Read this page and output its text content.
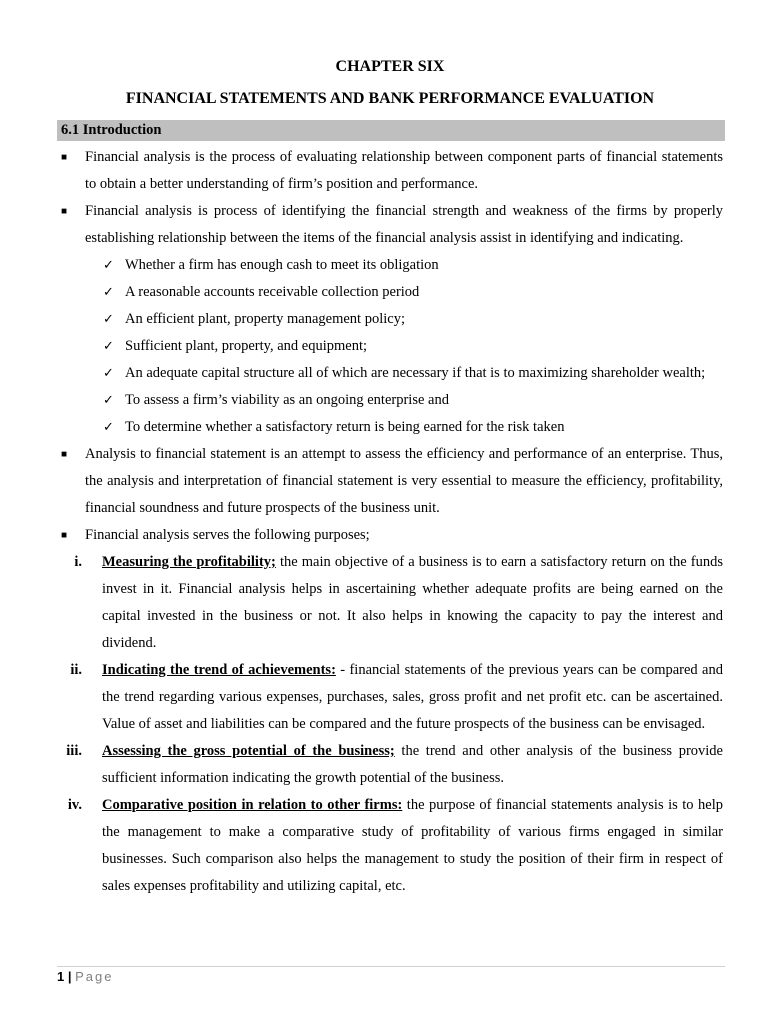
CHAPTER SIX
FINANCIAL STATEMENTS AND BANK PERFORMANCE EVALUATION
6.1 Introduction
■ Financial analysis is the process of evaluating relationship between component parts of financial statements to obtain a better understanding of firm’s position and performance.
■ Financial analysis is process of identifying the financial strength and weakness of the firms by properly establishing relationship between the items of the financial analysis assist in identifying and indicating.
✓ Whether a firm has enough cash to meet its obligation
✓ A reasonable accounts receivable collection period
✓ An efficient plant, property management policy;
✓ Sufficient plant, property, and equipment;
✓ An adequate capital structure all of which are necessary if that is to maximizing shareholder wealth;
✓ To assess a firm’s viability as an ongoing enterprise and
✓ To determine whether a satisfactory return is being earned for the risk taken
■ Analysis to financial statement is an attempt to assess the efficiency and performance of an enterprise. Thus, the analysis and interpretation of financial statement is very essential to measure the efficiency, profitability, financial soundness and future prospects of the business unit.
■ Financial analysis serves the following purposes;
i. Measuring the profitability; the main objective of a business is to earn a satisfactory return on the funds invest in it. Financial analysis helps in ascertaining whether adequate profits are being earned on the capital invested in the business or not. It also helps in knowing the capacity to pay the interest and dividend.
ii. Indicating the trend of achievements: - financial statements of the previous years can be compared and the trend regarding various expenses, purchases, sales, gross profit and net profit etc. can be ascertained. Value of asset and liabilities can be compared and the future prospects of the business can be envisaged.
iii. Assessing the gross potential of the business; the trend and other analysis of the business provide sufficient information indicating the growth potential of the business.
iv. Comparative position in relation to other firms: the purpose of financial statements analysis is to help the management to make a comparative study of profitability of various firms engaged in similar businesses. Such comparison also helps the management to study the position of their firm in respect of sales expenses profitability and utilizing capital, etc.
1 | Page
